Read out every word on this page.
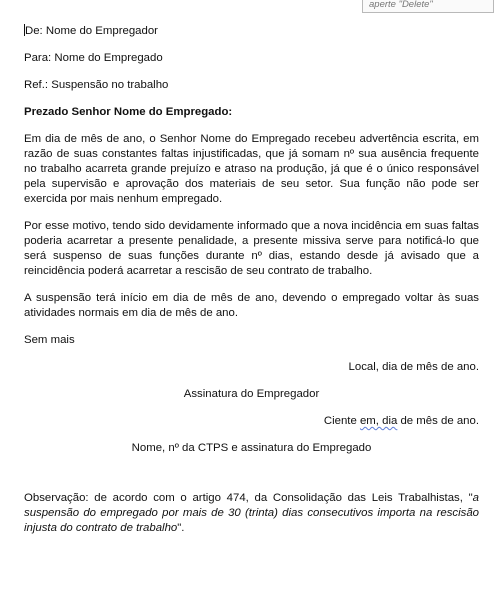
aperte "Delete"

De: Nome do Empregador

Para: Nome do Empregado

Ref.: Suspensão no trabalho

Prezado Senhor Nome do Empregado:

Em dia de mês de ano, o Senhor Nome do Empregado recebeu advertência escrita, em razão de suas constantes faltas injustificadas, que já somam nº sua ausência frequente no trabalho acarreta grande prejuízo e atraso na produção, já que é o único responsável pela supervisão e aprovação dos materiais de seu setor. Sua função não pode ser exercida por mais nenhum empregado.

Por esse motivo, tendo sido devidamente informado que a nova incidência em suas faltas poderia acarretar a presente penalidade, a presente missiva serve para notificá-lo que será suspenso de suas funções durante nº dias, estando desde já avisado que a reincidência poderá acarretar a rescisão de seu contrato de trabalho.

A suspensão terá início em dia de mês de ano, devendo o empregado voltar às suas atividades normais em dia de mês de ano.

Sem mais

Local, dia de mês de ano.

Assinatura do Empregador

Ciente em, dia de mês de ano.

Nome, nº da CTPS e assinatura do Empregado

Observação: de acordo com o artigo 474, da Consolidação das Leis Trabalhistas, "a suspensão do empregado por mais de 30 (trinta) dias consecutivos importa na rescisão injusta do contrato de trabalho".
